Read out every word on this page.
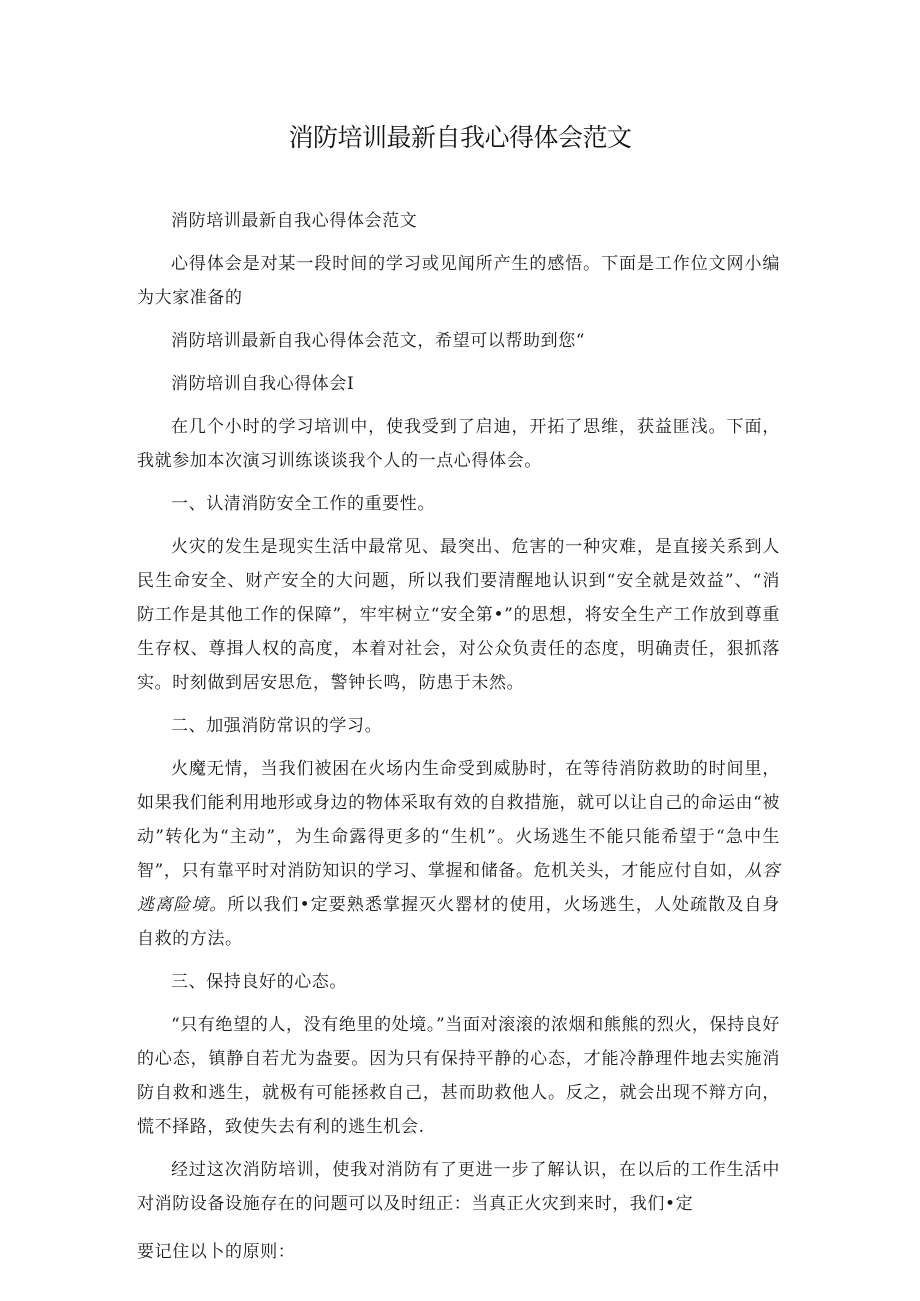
消防培训最新自我心得体会范文

消防培训最新自我心得体会范文

心得体会是对某一段时间的学习或见闻所产生的感悟。下面是工作位文网小编为大家准备的

消防培训最新自我心得体会范文，希望可以帮助到您“

消防培训自我心得体会I

在几个小时的学习培训中，使我受到了启迪，开拓了思维，获益匪浅。下面，我就参加本次演习训练谈谈我个人的一点心得体会。

一、认清消防安全工作的重要性。

火灾的发生是现实生活中最常见、最突出、危害的一种灾难，是直接关系到人民生命安全、财产安全的大问题，所以我们要清醒地认识到“安全就是效益”、“消防工作是其他工作的保障”，牢牢树立“安全第•”的思想，将安全生产工作放到尊重生存权、尊揖人权的高度，本着对社会，对公众负责任的态度，明确责任，狠抓落实。时刻做到居安思危，警钟长鸣，防患于未然。

二、加强消防常识的学习。

火魔无情，当我们被困在火场内生命受到威胁时，在等待消防救助的时间里，如果我们能利用地形或身边的物体采取有效的自救措施，就可以让自己的命运由“被动”转化为“主动”，为生命露得更多的“生机”。火场逃生不能只能希望于“急中生智”，只有靠平时对消防知识的学习、掌握和储备。危机关头，才能应付自如，从容逃离险境。所以我们•定要熟悉掌握灭火罂材的使用，火场逃生，人处疏散及自身自救的方法。

三、保持良好的心态。

“只有绝望的人，没有绝里的处境。”当面对滚滚的浓烟和熊熊的烈火，保持良好的心态，镇静自若尤为盎要。因为只有保持平静的心态，才能冷静理件地去实施消防自救和逃生，就极有可能拯救自己，甚而助救他人。反之，就会出现不辩方向，慌不择路，致使失去有利的逃生机会.

经过这次消防培训，使我对消防有了更进一步了解认识，在以后的工作生活中对消防设备设施存在的问题可以及时纽正：当真正火灾到来时，我们•定

要记住以卜的原则：
